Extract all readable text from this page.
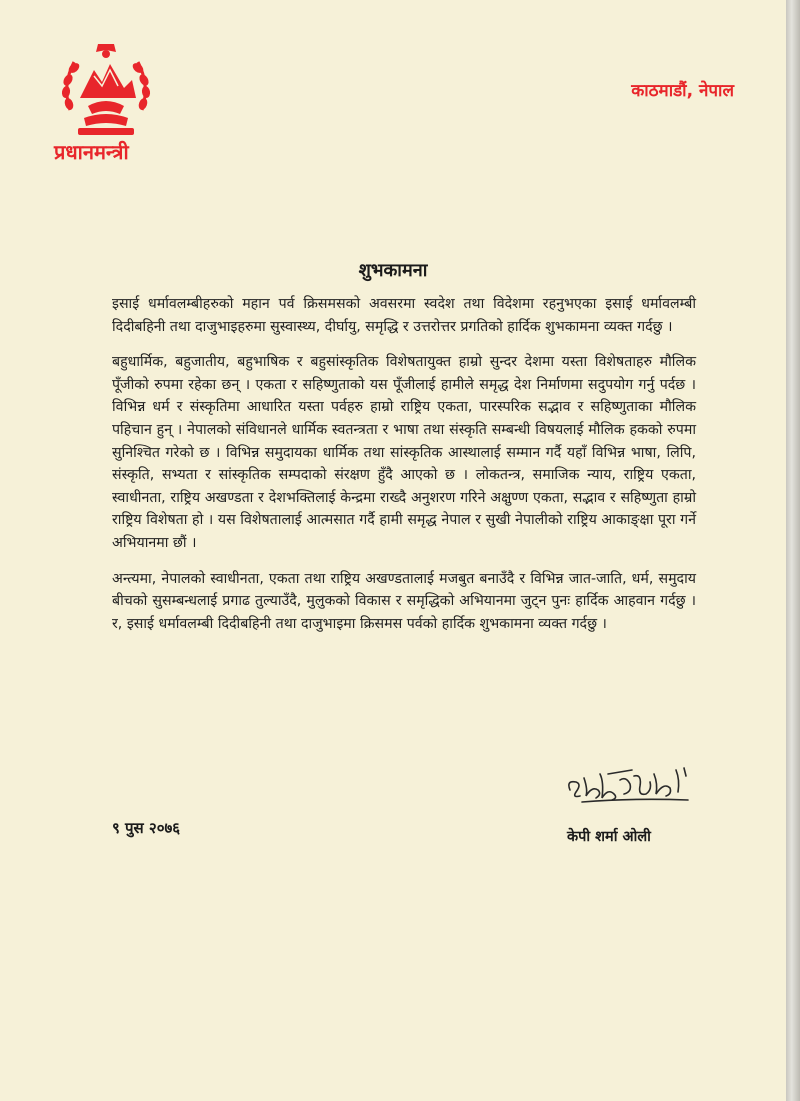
प्रधानमन्त्री
काठमाडौं, नेपाल
शुभकामना

इसाई धर्मावलम्बीहरुको महान पर्व क्रिसमसको अवसरमा स्वदेश तथा विदेशमा रहनुभएका इसाई धर्मावलम्बी दिदीबहिनी तथा दाजुभाइहरुमा सुस्वास्थ्य, दीर्घायु, समृद्धि र उत्तरोत्तर प्रगतिको हार्दिक शुभकामना व्यक्त गर्दछु ।

बहुधार्मिक, बहुजातीय, बहुभाषिक र बहुसांस्कृतिक विशेषतायुक्त हाम्रो सुन्दर देशमा यस्ता विशेषताहरु मौलिक पूँजीको रुपमा रहेका छन् । एकता र सहिष्णुताको यस पूँजीलाई हामीले समृद्ध देश निर्माणमा सदुपयोग गर्नु पर्दछ । विभिन्न धर्म र संस्कृतिमा आधारित यस्ता पर्वहरु हाम्रो राष्ट्रिय एकता, पारस्परिक सद्भाव र सहिष्णुताका मौलिक पहिचान हुन् । नेपालको संविधानले धार्मिक स्वतन्त्रता र भाषा तथा संस्कृति सम्बन्धी विषयलाई मौलिक हकको रुपमा सुनिश्चित गरेको छ । विभिन्न समुदायका धार्मिक तथा सांस्कृतिक आस्थालाई सम्मान गर्दै यहाँ विभिन्न भाषा, लिपि, संस्कृति, सभ्यता र सांस्कृतिक सम्पदाको संरक्षण हुँदै आएको छ । लोकतन्त्र, समाजिक न्याय, राष्ट्रिय एकता, स्वाधीनता, राष्ट्रिय अखण्डता र देशभक्तिलाई केन्द्रमा राख्दै अनुशरण गरिने अक्षुण्ण एकता, सद्भाव र सहिष्णुता हाम्रो राष्ट्रिय विशेषता हो । यस विशेषतालाई आत्मसात गर्दै हामी समृद्ध नेपाल र सुखी नेपालीको राष्ट्रिय आकाङ्क्षा पूरा गर्ने अभियानमा छौं ।

अन्त्यमा, नेपालको स्वाधीनता, एकता तथा राष्ट्रिय अखण्डतालाई मजबुत बनाउँदै र विभिन्न जात-जाति, धर्म, समुदाय बीचको सुसम्बन्धलाई प्रगाढ तुल्याउँदै, मुलुकको विकास र समृद्धिको अभियानमा जुट्न पुनः हार्दिक आहवान गर्दछु । र, इसाई धर्मावलम्बी दिदीबहिनी तथा दाजुभाइमा क्रिसमस पर्वको हार्दिक शुभकामना व्यक्त गर्दछु ।

९ पुस २०७६	केपी शर्मा ओली
